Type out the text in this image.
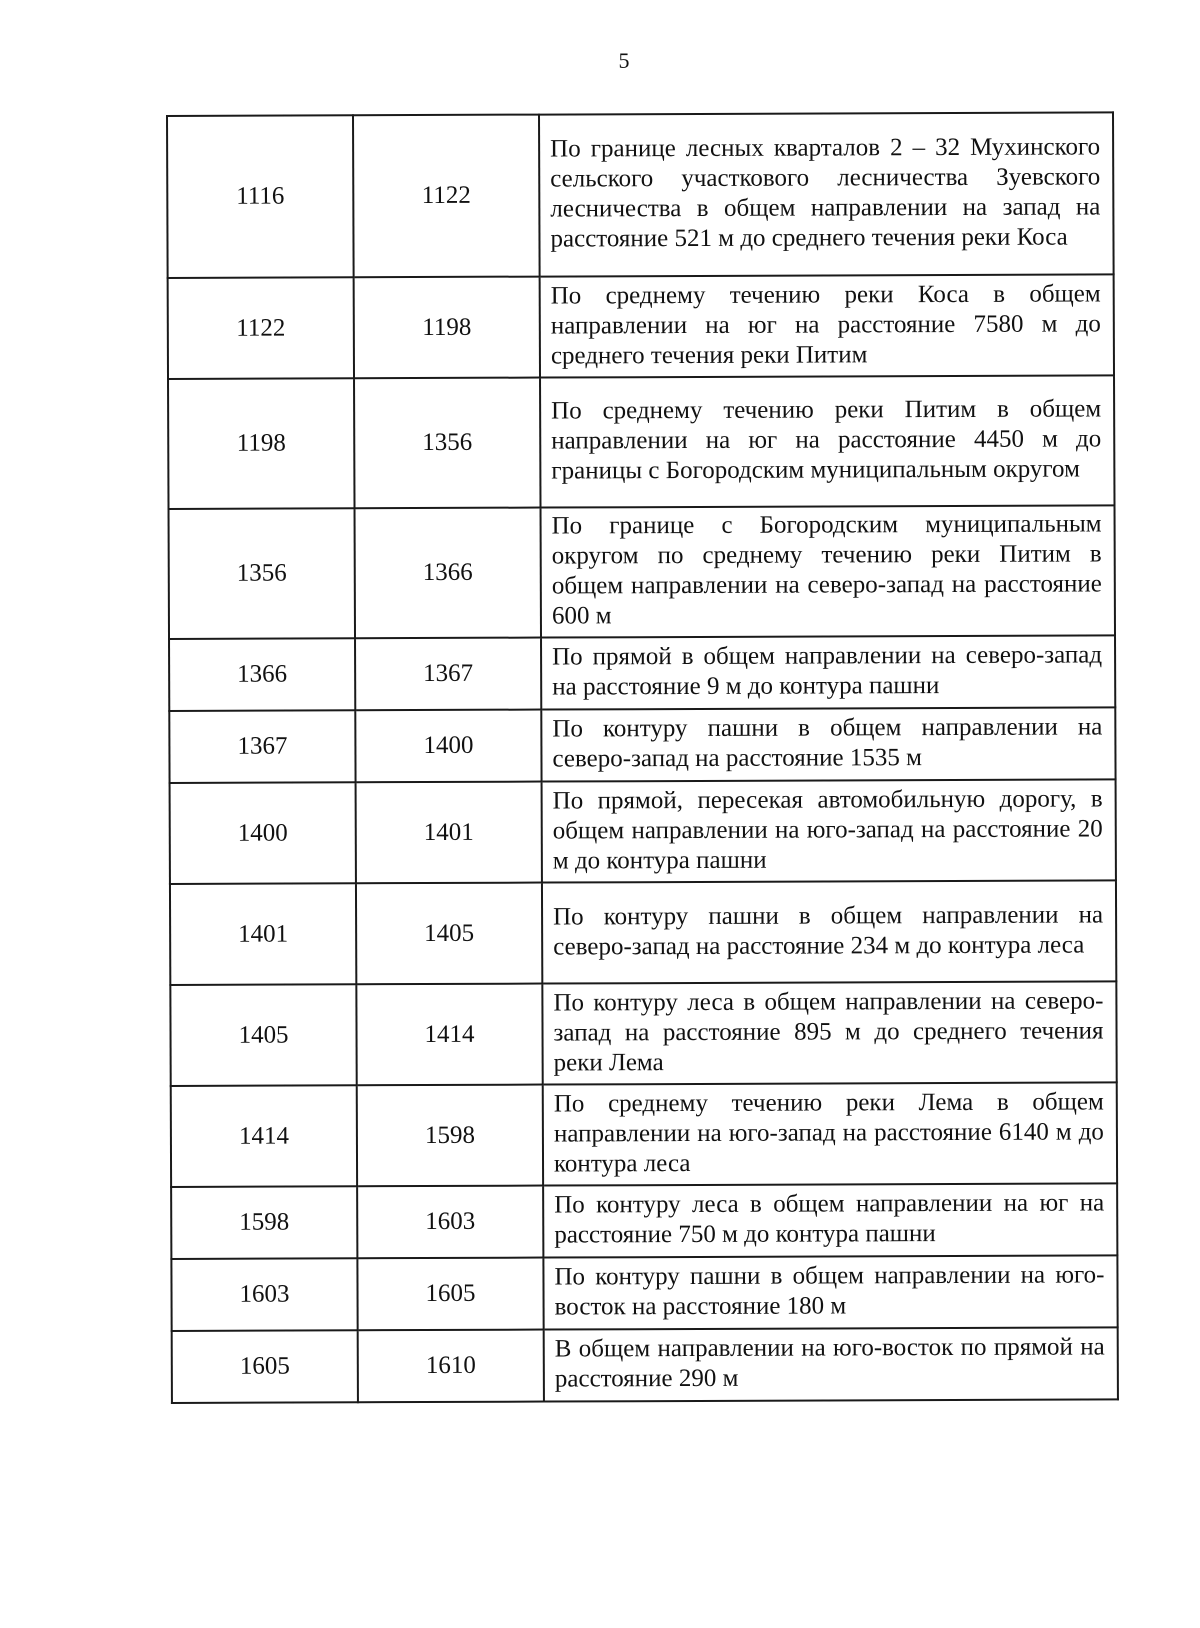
5
1116	1122	По границе лесных кварталов 2 – 32 Мухинского сельского участкового лесничества Зуевского лесничества в общем направлении на запад на расстояние 521 м до среднего течения реки Коса
1122	1198	По среднему течению реки Коса в общем направлении на юг на расстояние 7580 м до среднего течения реки Питим
1198	1356	По среднему течению реки Питим в общем направлении на юг на расстояние 4450 м до границы с Богородским муниципальным округом
1356	1366	По границе с Богородским муниципальным округом по среднему течению реки Питим в общем направлении на северо-запад на расстояние 600 м
1366	1367	По прямой в общем направлении на северо-запад на расстояние 9 м до контура пашни
1367	1400	По контуру пашни в общем направлении на северо-запад на расстояние 1535 м
1400	1401	По прямой, пересекая автомобильную дорогу, в общем направлении на юго-запад на расстояние 20 м до контура пашни
1401	1405	По контуру пашни в общем направлении на северо-запад на расстояние 234 м до контура леса
1405	1414	По контуру леса в общем направлении на северо-запад на расстояние 895 м до среднего течения реки Лема
1414	1598	По среднему течению реки Лема в общем направлении на юго-запад на расстояние 6140 м до контура леса
1598	1603	По контуру леса в общем направлении на юг на расстояние 750 м до контура пашни
1603	1605	По контуру пашни в общем направлении на юго-восток на расстояние 180 м
1605	1610	В общем направлении на юго-восток по прямой на расстояние 290 м
